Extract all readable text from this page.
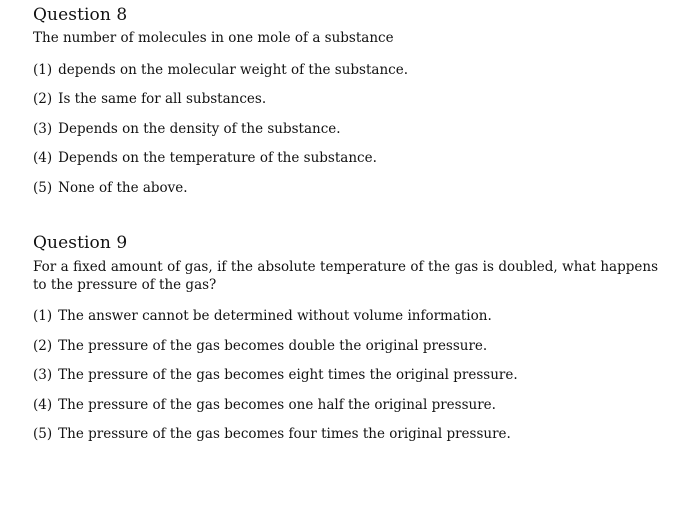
Question 8

The number of molecules in one mole of a substance

(1) depends on the molecular weight of the substance.
(2) Is the same for all substances.
(3) Depends on the density of the substance.
(4) Depends on the temperature of the substance.
(5) None of the above.
Question 9

For a fixed amount of gas, if the absolute temperature of the gas is doubled, what happens to the pressure of the gas?

(1) The answer cannot be determined without volume information.
(2) The pressure of the gas becomes double the original pressure.
(3) The pressure of the gas becomes eight times the original pressure.
(4) The pressure of the gas becomes one half the original pressure.
(5) The pressure of the gas becomes four times the original pressure.
